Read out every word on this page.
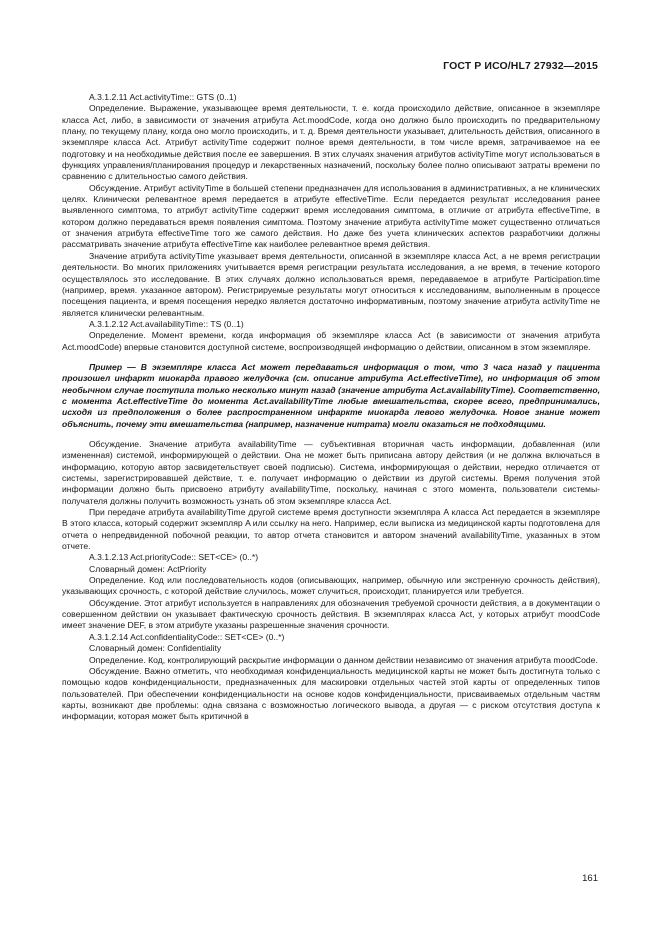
ГОСТ Р ИСО/HL7 27932—2015

A.3.1.2.11 Act.activityTime:: GTS (0..1)

Определение. Выражение, указывающее время деятельности, т. е. когда происходило действие, описанное в экземпляре класса Act, либо, в зависимости от значения атрибута Act.moodCode, когда оно должно было происходить по предварительному плану, по текущему плану, когда оно могло происходить, и т. д. Время деятельности указывает, длительность действия, описанного в экземпляре класса Act. Атрибут activityTime содержит полное время деятельности, в том числе время, затрачиваемое на ее подготовку и на необходимые действия после ее завершения. В этих случаях значения атрибутов activityTime могут использоваться в функциях управления/планирования процедур и лекарственных назначений, поскольку более полно описывают затраты времени по сравнению с длительностью самого действия.

Обсуждение. Атрибут activityTime в большей степени предназначен для использования в административных, а не клинических целях. Клинически релевантное время передается в атрибуте effectiveTime. Если передается результат исследования ранее выявленного симптома, то атрибут activityTime содержит время исследования симптома, в отличие от атрибута effectiveTime, в котором должно передаваться время появления симптома. Поэтому значение атрибута activityTime может существенно отличаться от значения атрибута effectiveTime того же самого действия. Но даже без учета клинических аспектов разработчики должны рассматривать значение атрибута effectiveTime как наиболее релевантное время действия.

Значение атрибута activityTime указывает время деятельности, описанной в экземпляре класса Act, а не время регистрации деятельности. Во многих приложениях учитывается время регистрации результата исследования, а не время, в течение которого осуществлялось это исследование. В этих случаях должно использоваться время, передаваемое в атрибуте Participation.time (например, время. указанное автором). Регистрируемые результаты могут относиться к исследованиям, выполненным в процессе посещения пациента, и время посещения нередко является достаточно информативным, поэтому значение атрибута activityTime не является клинически релевантным.

A.3.1.2.12 Act.availabilityTime:: TS (0..1)

Определение. Момент времени, когда информация об экземпляре класса Act (в зависимости от значения атрибута Act.moodCode) впервые становится доступной системе, воспроизводящей информацию о действии, описанном в этом экземпляре.

Пример — В экземпляре класса Act может передаваться информация о том, что 3 часа назад у пациента произошел инфаркт миокарда правого желудочка (см. описание атрибута Act.effectiveTime), но информация об этом необычном случае поступила только несколько минут назад (значение атрибута Act.availabilityTime). Соответственно, с момента Act.effectiveTime до момента Act.availabilityTime любые вмешательства, скорее всего, предпринимались, исходя из предположения о более распространенном инфаркте миокарда левого желудочка. Новое знание может объяснить, почему эти вмешательства (например, назначение нитрата) могли оказаться не подходящими.

Обсуждение. Значение атрибута availabilityTime — субъективная вторичная часть информации, добавленная (или измененная) системой, информирующей о действии. Она не может быть приписана автору действия (и не должна включаться в информацию, которую автор засвидетельствует своей подписью). Система, информирующая о действии, нередко отличается от системы, зарегистрировавшей действие, т. е. получает информацию о действии из другой системы. Время получения этой информации должно быть присвоено атрибуту availabilityTime, поскольку, начиная с этого момента, пользователи системы-получателя должны получить возможность узнать об этом экземпляре класса Act.

При передаче атрибута availabilityTime другой системе время доступности экземпляра A класса Act передается в экземпляре B этого класса, который содержит экземпляр A или ссылку на него. Например, если выписка из медицинской карты подготовлена для отчета о непредвиденной побочной реакции, то автор отчета становится и автором значений availabilityTime, указанных в этом отчете.

A.3.1.2.13 Act.priorityCode:: SET<CE> (0..*)

Словарный домен: ActPriority

Определение. Код или последовательность кодов (описывающих, например, обычную или экстренную срочность действия), указывающих срочность, с которой действие случилось, может случиться, происходит, планируется или требуется.

Обсуждение. Этот атрибут используется в направлениях для обозначения требуемой срочности действия, а в документации о совершенном действии он указывает фактическую срочность действия. В экземплярах класса Act, у которых атрибут moodCode имеет значение DEF, в этом атрибуте указаны разрешенные значения срочности.

A.3.1.2.14 Act.confidentialityCode:: SET<CE> (0..*)

Словарный домен: Confidentiality

Определение. Код, контролирующий раскрытие информации о данном действии независимо от значения атрибута moodCode.

Обсуждение. Важно отметить, что необходимая конфиденциальность медицинской карты не может быть достигнута только с помощью кодов конфиденциальности, предназначенных для маскировки отдельных частей этой карты от определенных типов пользователей. При обеспечении конфиденциальности на основе кодов конфиденциальности, присваиваемых отдельным частям карты, возникают две проблемы: одна связана с возможностью логического вывода, а другая — с риском отсутствия доступа к информации, которая может быть критичной в

161
